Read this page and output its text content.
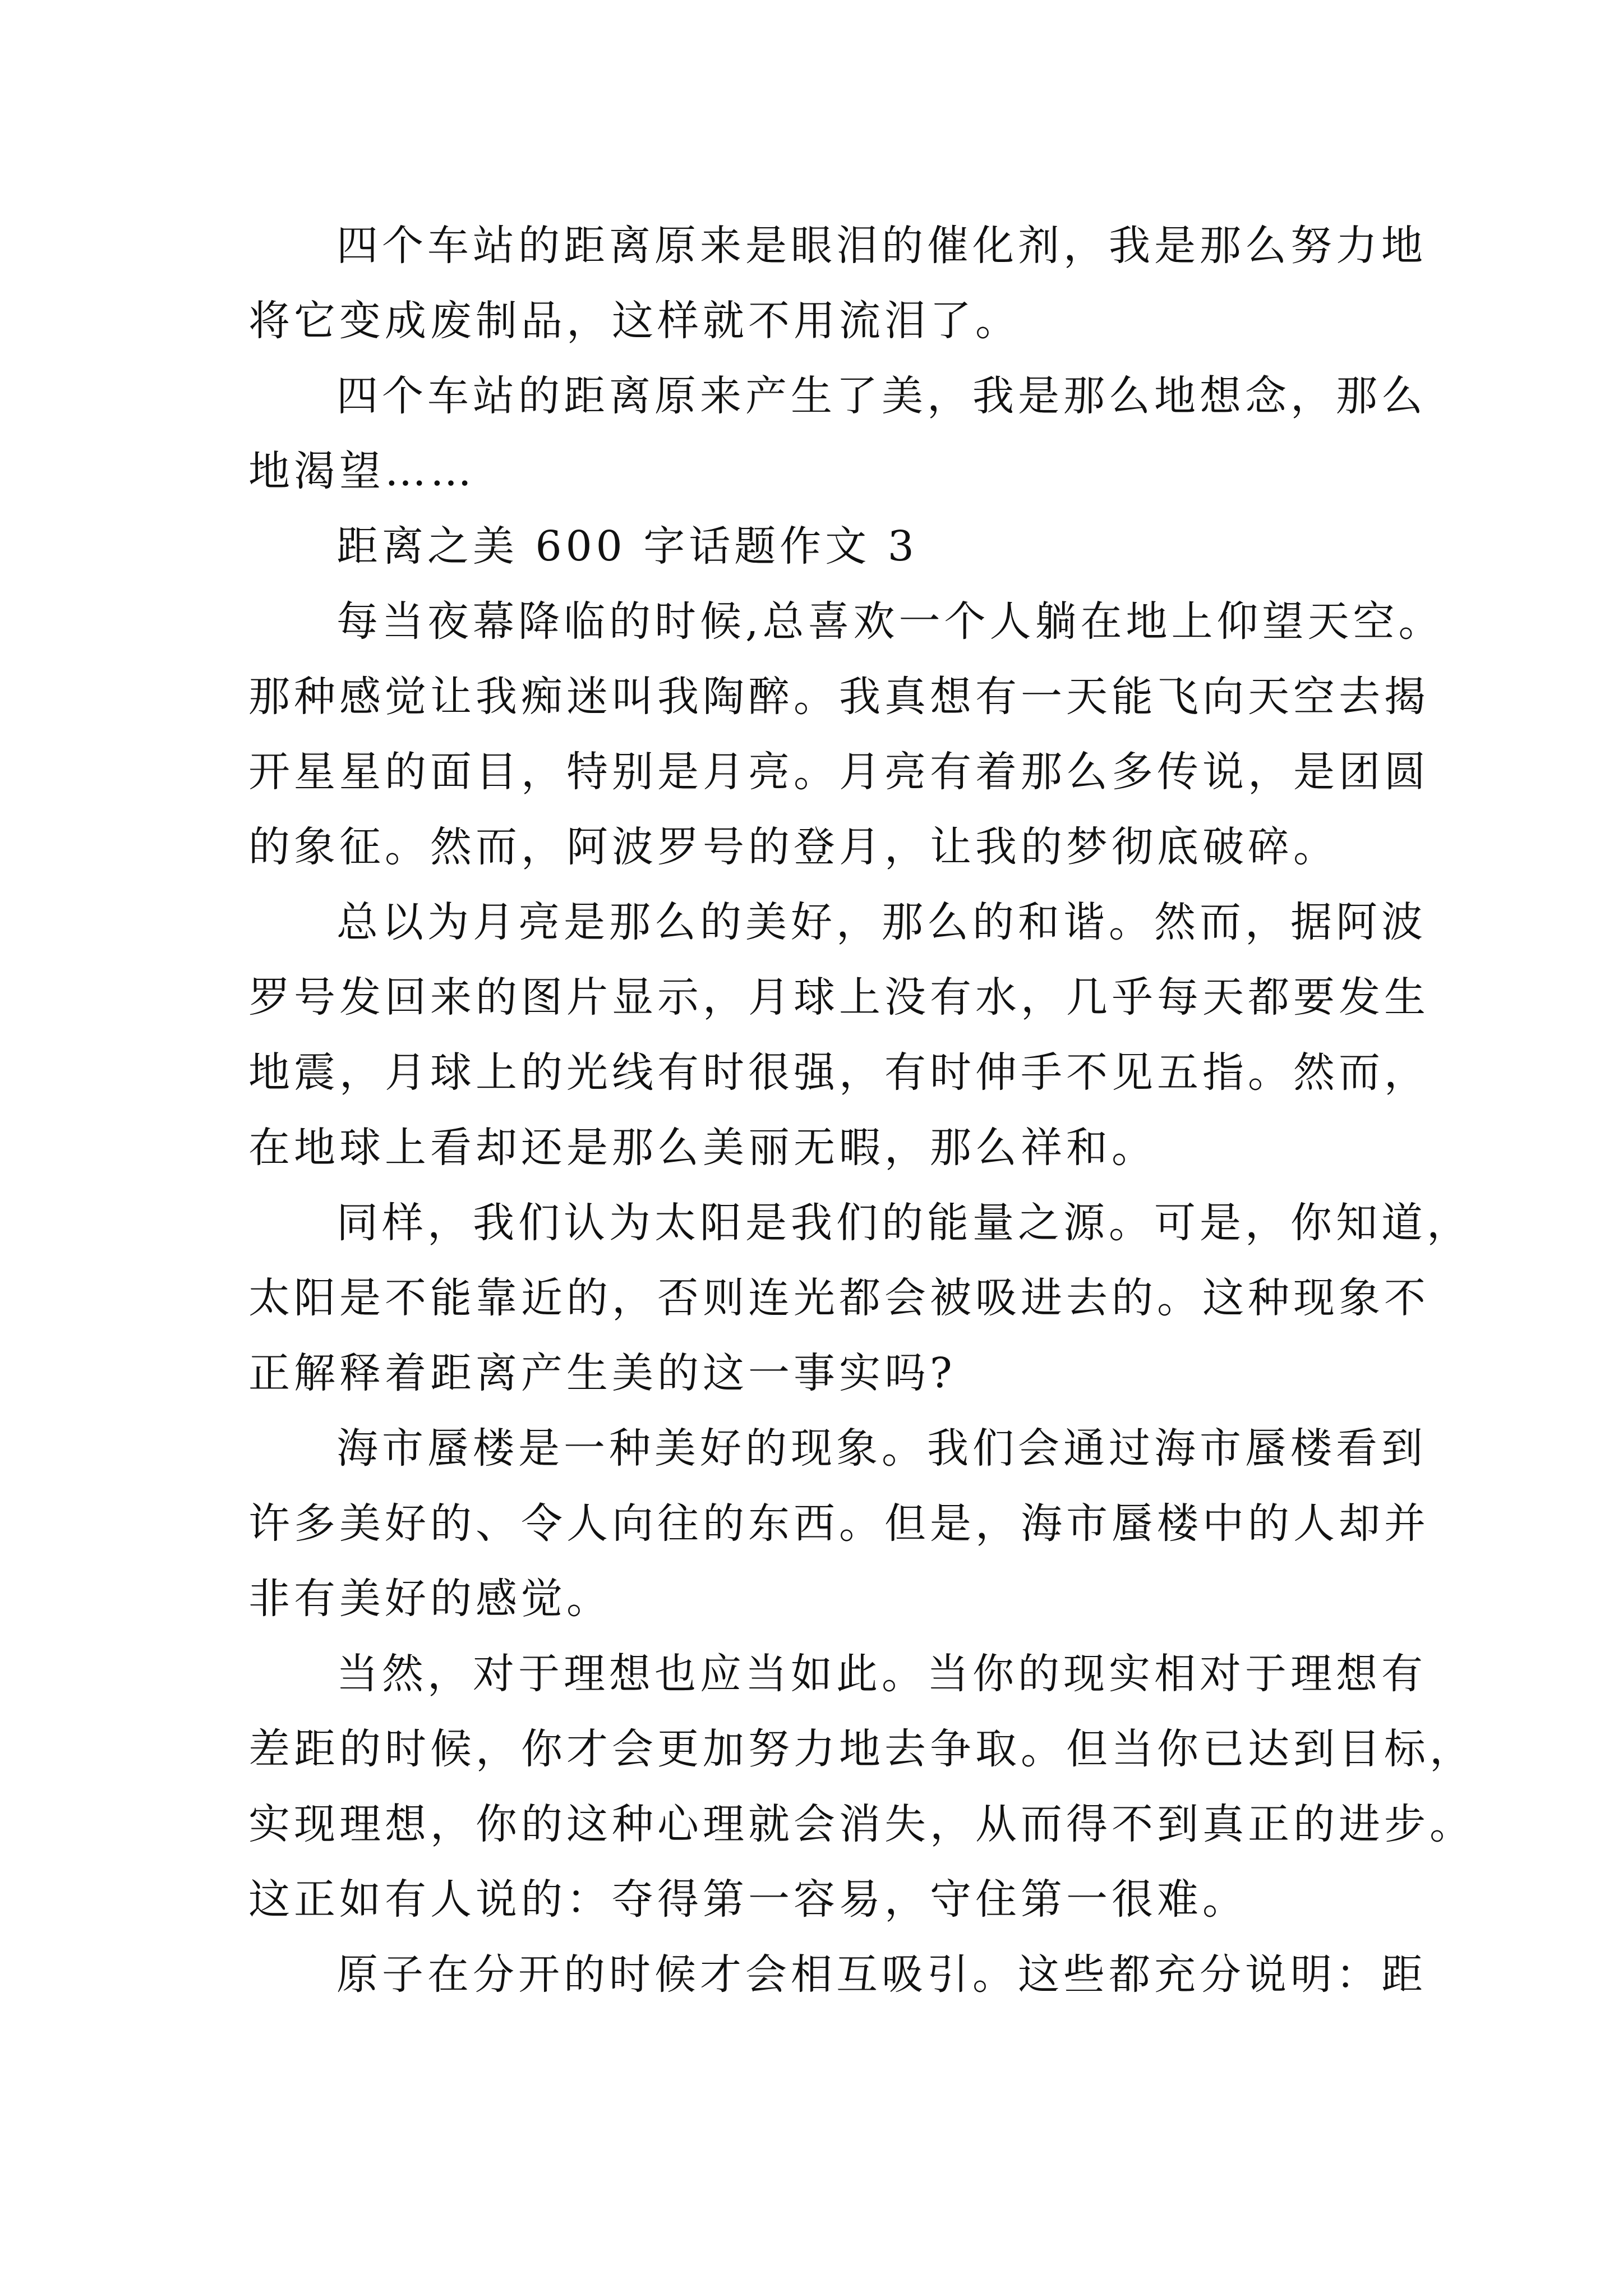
四个车站的距离原来是眼泪的催化剂，我是那么努力地

将它变成废制品，这样就不用流泪了。

四个车站的距离原来产生了美，我是那么地想念，那么

地渴望……

距离之美 600 字话题作文 3

每当夜幕降临的时候,总喜欢一个人躺在地上仰望天空。

那种感觉让我痴迷叫我陶醉。我真想有一天能飞向天空去揭

开星星的面目，特别是月亮。月亮有着那么多传说，是团圆

的象征。然而，阿波罗号的登月，让我的梦彻底破碎。

总以为月亮是那么的美好，那么的和谐。然而，据阿波

罗号发回来的图片显示，月球上没有水，几乎每天都要发生

地震，月球上的光线有时很强，有时伸手不见五指。然而，

在地球上看却还是那么美丽无暇，那么祥和。

同样，我们认为太阳是我们的能量之源。可是，你知道，

太阳是不能靠近的，否则连光都会被吸进去的。这种现象不

正解释着距离产生美的这一事实吗?

海市蜃楼是一种美好的现象。我们会通过海市蜃楼看到

许多美好的、令人向往的东西。但是，海市蜃楼中的人却并

非有美好的感觉。

当然，对于理想也应当如此。当你的现实相对于理想有

差距的时候，你才会更加努力地去争取。但当你已达到目标，

实现理想，你的这种心理就会消失，从而得不到真正的进步。

这正如有人说的：夺得第一容易，守住第一很难。

原子在分开的时候才会相互吸引。这些都充分说明：距
